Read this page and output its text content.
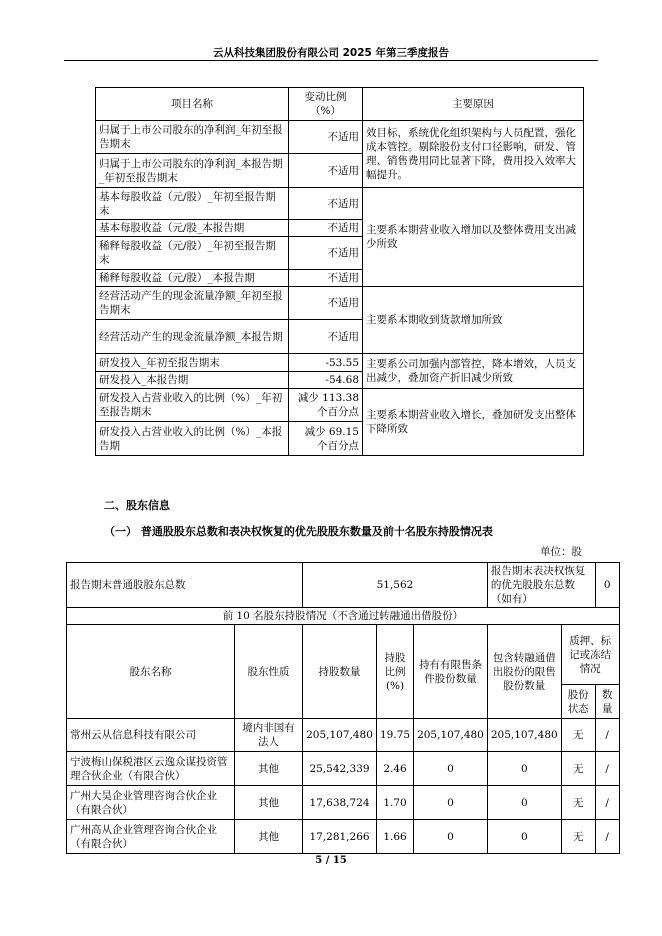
云从科技集团股份有限公司 2025 年第三季度报告
项目名称	变动比例（%）	主要原因
归属于上市公司股东的净利润_年初至报告期末	不适用	效目标，系统优化组织架构与人员配置，强化成本管控。剔除股份支付口径影响，研发、管理、销售费用同比显著下降，费用投入效率大幅提升。
归属于上市公司股东的净利润_本报告期_年初至报告期末	不适用	
基本每股收益（元/股）_年初至报告期末	不适用	主要系本期营业收入增加以及整体费用支出减少所致
基本每股收益（元/股_本报告期	不适用	
稀释每股收益（元/股）_年初至报告期末	不适用	
稀释每股收益（元/股）_本报告期	不适用	
经营活动产生的现金流量净额_年初至报告期末	不适用	主要系本期收到货款增加所致
经营活动产生的现金流量净额_本报告期	不适用	
研发投入_年初至报告期末	-53.55	主要系公司加强内部管控，降本增效，人员支出减少，叠加资产折旧减少所致
研发投入_本报告期	-54.68	
研发投入占营业收入的比例（%）_年初至报告期末	减少 113.38 个百分点	主要系本期营业收入增长，叠加研发支出整体下降所致
研发投入占营业收入的比例（%）_本报告期	减少 69.15 个百分点	
二、股东信息
（一） 普通股股东总数和表决权恢复的优先股股东数量及前十名股东持股情况表
单位：股
报告期末普通股股东总数		51,562			报告期末表决权恢复的优先股股东总数（如有）		0
前 10 名股东持股情况（不含通过转融通出借股份）							
股东名称	股东性质	持股数量	持股比例(%)	持有有限售条件股份数量	包含转融通借出股份的限售股份数量	质押、标记或冻结情况	
						股份状态	数量
常州云从信息科技有限公司	境内非国有法人	205,107,480	19.75	205,107,480	205,107,480	无	/
宁波梅山保税港区云逸众谋投资管理合伙企业（有限合伙）	其他	25,542,339	2.46	0	0	无	/
广州大昊企业管理咨询合伙企业（有限合伙）	其他	17,638,724	1.70	0	0	无	/
广州高从企业管理咨询合伙企业（有限合伙）	其他	17,281,266	1.66	0	0	无	/
5 / 15
